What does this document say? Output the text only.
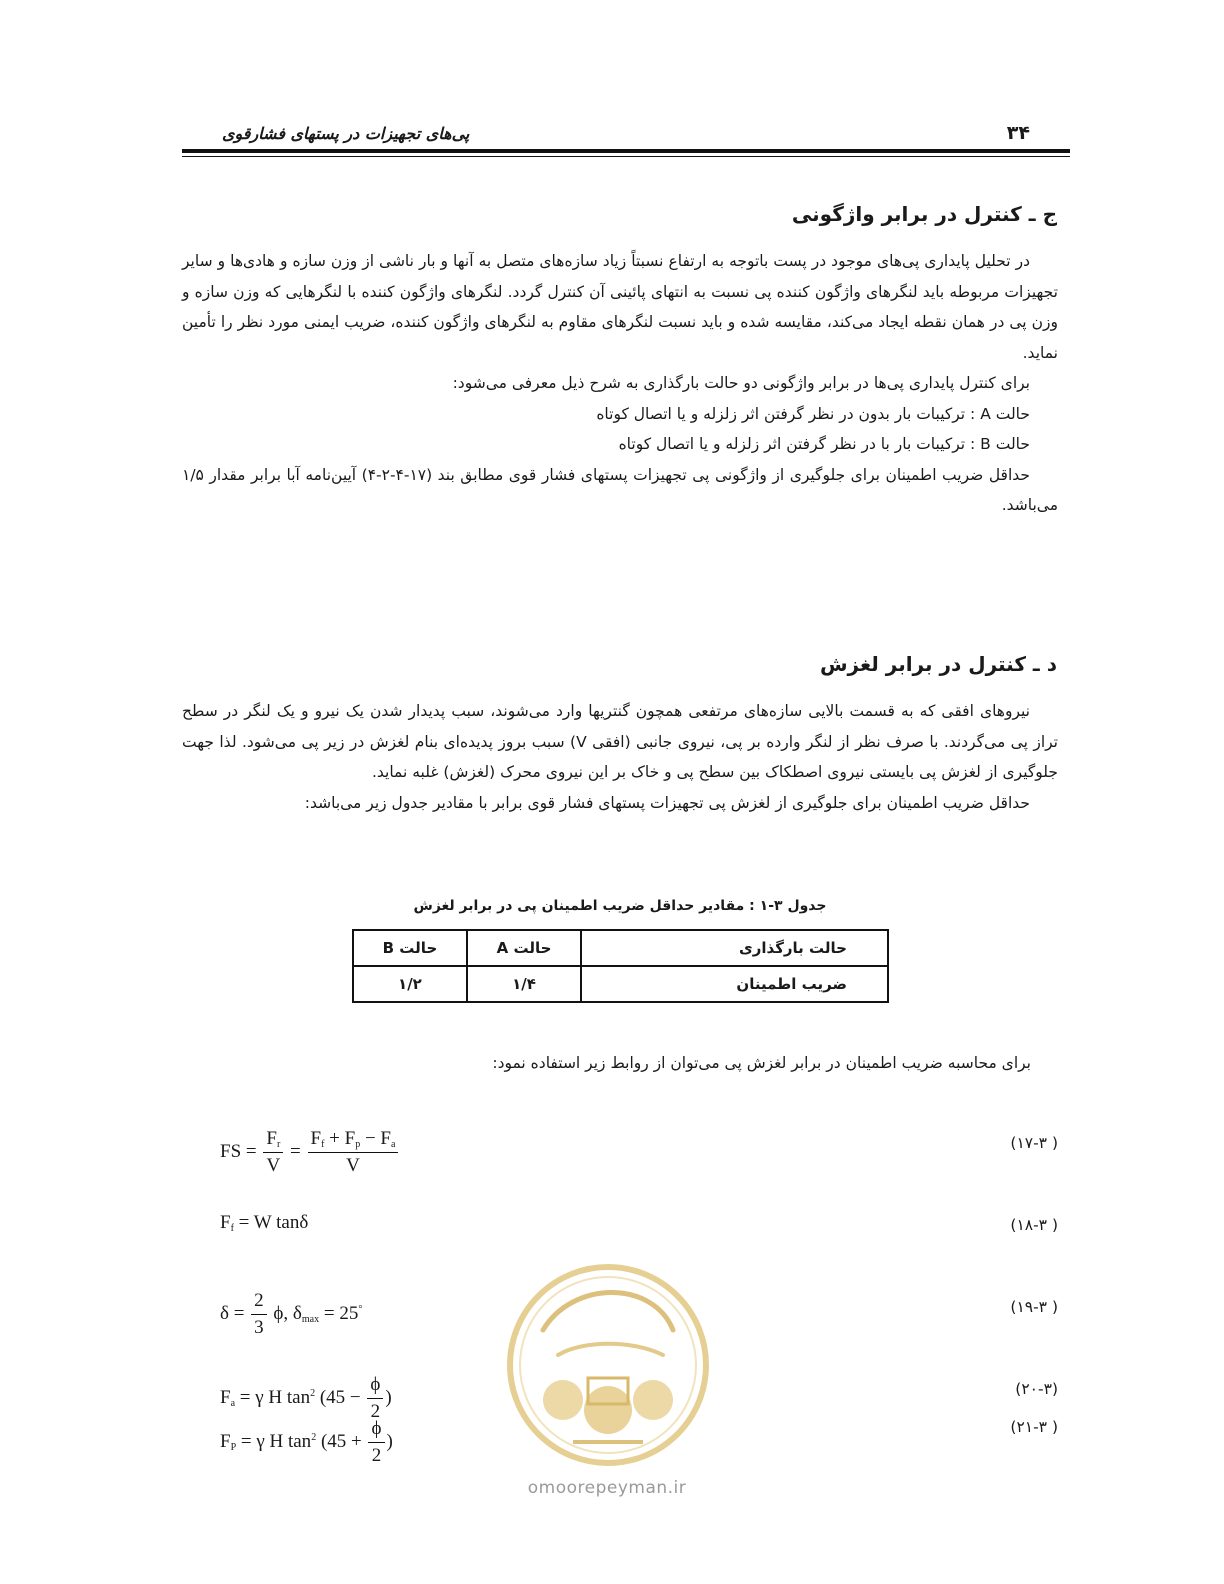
۳۴
پی‌های تجهیزات در پستهای فشارقوی
ج ـ کنترل در برابر واژگونی

در تحلیل پایداری پی‌های موجود در پست باتوجه به ارتفاع نسبتاً زیاد سازه‌های متصل به آنها و بار ناشی از وزن سازه و هادی‌ها و سایر تجهیزات مربوطه باید لنگرهای واژگون کننده پی نسبت به انتهای پائینی آن کنترل گردد. لنگرهای واژگون کننده با لنگرهایی که وزن سازه و وزن پی در همان نقطه ایجاد می‌کند، مقایسه شده و باید نسبت لنگرهای مقاوم به لنگرهای واژگون کننده، ضریب ایمنی مورد نظر را تأمین نماید.

برای کنترل پایداری پی‌ها در برابر واژگونی دو حالت بارگذاری به شرح ذیل معرفی می‌شود:

حالت A : ترکیبات بار بدون در نظر گرفتن اثر زلزله و یا اتصال کوتاه

حالت B : ترکیبات بار با در نظر گرفتن اثر زلزله و یا اتصال کوتاه

حداقل ضریب اطمینان برای جلوگیری از واژگونی پی تجهیزات پستهای فشار قوی مطابق بند (۱۷-۴-۲-۴) آیین‌نامه آبا برابر مقدار ۱/۵ می‌باشد.

د ـ کنترل در برابر لغزش

نیروهای افقی که به قسمت بالایی سازه‌های مرتفعی همچون گنتریها وارد می‌شوند، سبب پدیدار شدن یک نیرو و یک لنگر در سطح تراز پی می‌گردند. با صرف نظر از لنگر وارده بر پی، نیروی جانبی (افقی V) سبب بروز پدیده‌ای بنام لغزش در زیر پی می‌شود. لذا جهت جلوگیری از لغزش پی بایستی نیروی اصطکاک بین سطح پی و خاک بر این نیروی محرک (لغزش) غلبه نماید.

حداقل ضریب اطمینان برای جلوگیری از لغزش پی تجهیزات پستهای فشار قوی برابر با مقادیر جدول زیر می‌باشد:

جدول ۳-۱ : مقادیر حداقل ضریب اطمینان پی در برابر لغزش
حالت بارگذاری	حالت A	حالت B
ضریب اطمینان	۱/۴	۱/۲
برای محاسبه ضریب اطمینان در برابر لغزش پی می‌توان از روابط زیر استفاده نمود:
FS = $\frac{F_r}{V} = \frac{F_f + F_p - F_a}{V}$	( ۱۷-۳)
$F_f = W$ tanδ	( ۱۸-۳)
$\delta = \frac{2}{3} \phi$, $\delta_{max} = 25^\circ$	( ۱۹-۳)
$F_a = \gamma$ H $\tan^2 (45 - \frac{\phi}{2}$ )	(۲۰-۳)
$F_P = \gamma$ H $\tan^2 (45 + \frac{\phi}{2}$ )
( ۲۱-۳)
omoorepeyman.ir
